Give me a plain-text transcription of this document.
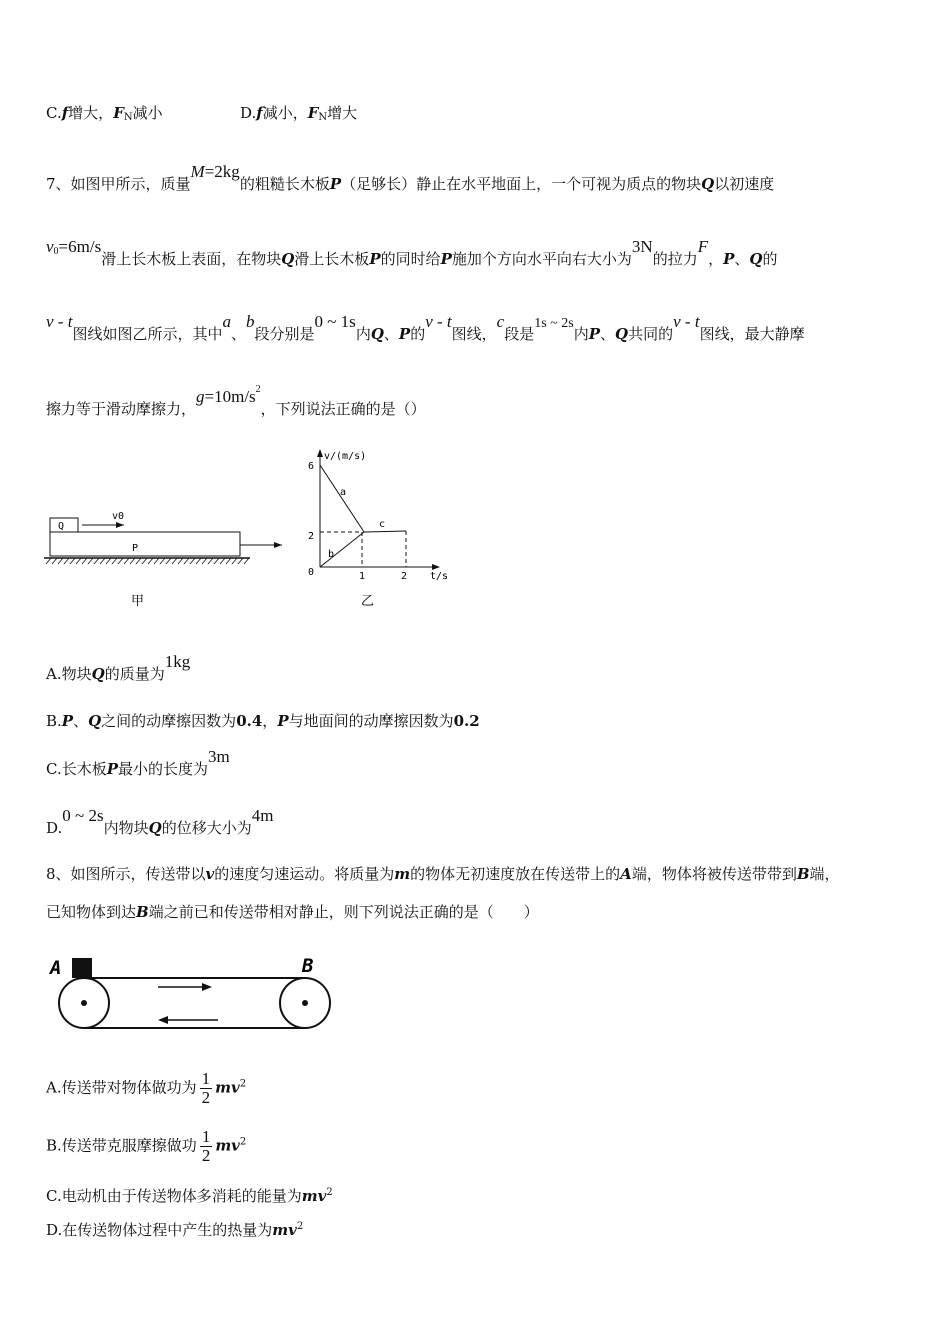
C.f增大，$F_N$减小	D.f减小，$F_N$增大
7、如图甲所示，质量M=2kg的粗糙长木板P（足够长）静止在水平地面上，一个可视为质点的物块Q以初速度
$v^0=6m/s$滑上长木板上表面，在物块Q滑上长木板P的同时给P施加个方向水平向右大小为3N的拉力F，P、Q的
v - t图线如图乙所示，其中a、b段分别是0 ~ 1s内Q、P的v - t图线，c段是1s ~ 2s内P、Q共同的v - t图线，最大静摩
擦力等于滑动摩擦力，$g=10m/s^2$，下列说法正确的是（）
Q
v0
P
甲
v/(m/s)
t/s
6
2
0	1	2
a
b
c
乙
A.物块Q的质量为1kg
B.P、Q之间的动摩擦因数为0.4，P与地面间的动摩擦因数为0.2
C.长木板P最小的长度为3m
D.0 ~ 2s内物块Q的位移大小为4m
8、如图所示，传送带以v的速度匀速运动。将质量为m的物体无初速度放在传送带上的A端，物体将被传送带带到B端，
已知物体到达B端之前已和传送带相对静止，则下列说法正确的是（　　）
A	B
A.传送带对物体做功为 $\frac{1}{2} mv^2$
B.传送带克服摩擦做功 $\frac{1}{2} mv^2$
C.电动机由于传送物体多消耗的能量为$mv^2$
D.在传送物体过程中产生的热量为$mv^2$
